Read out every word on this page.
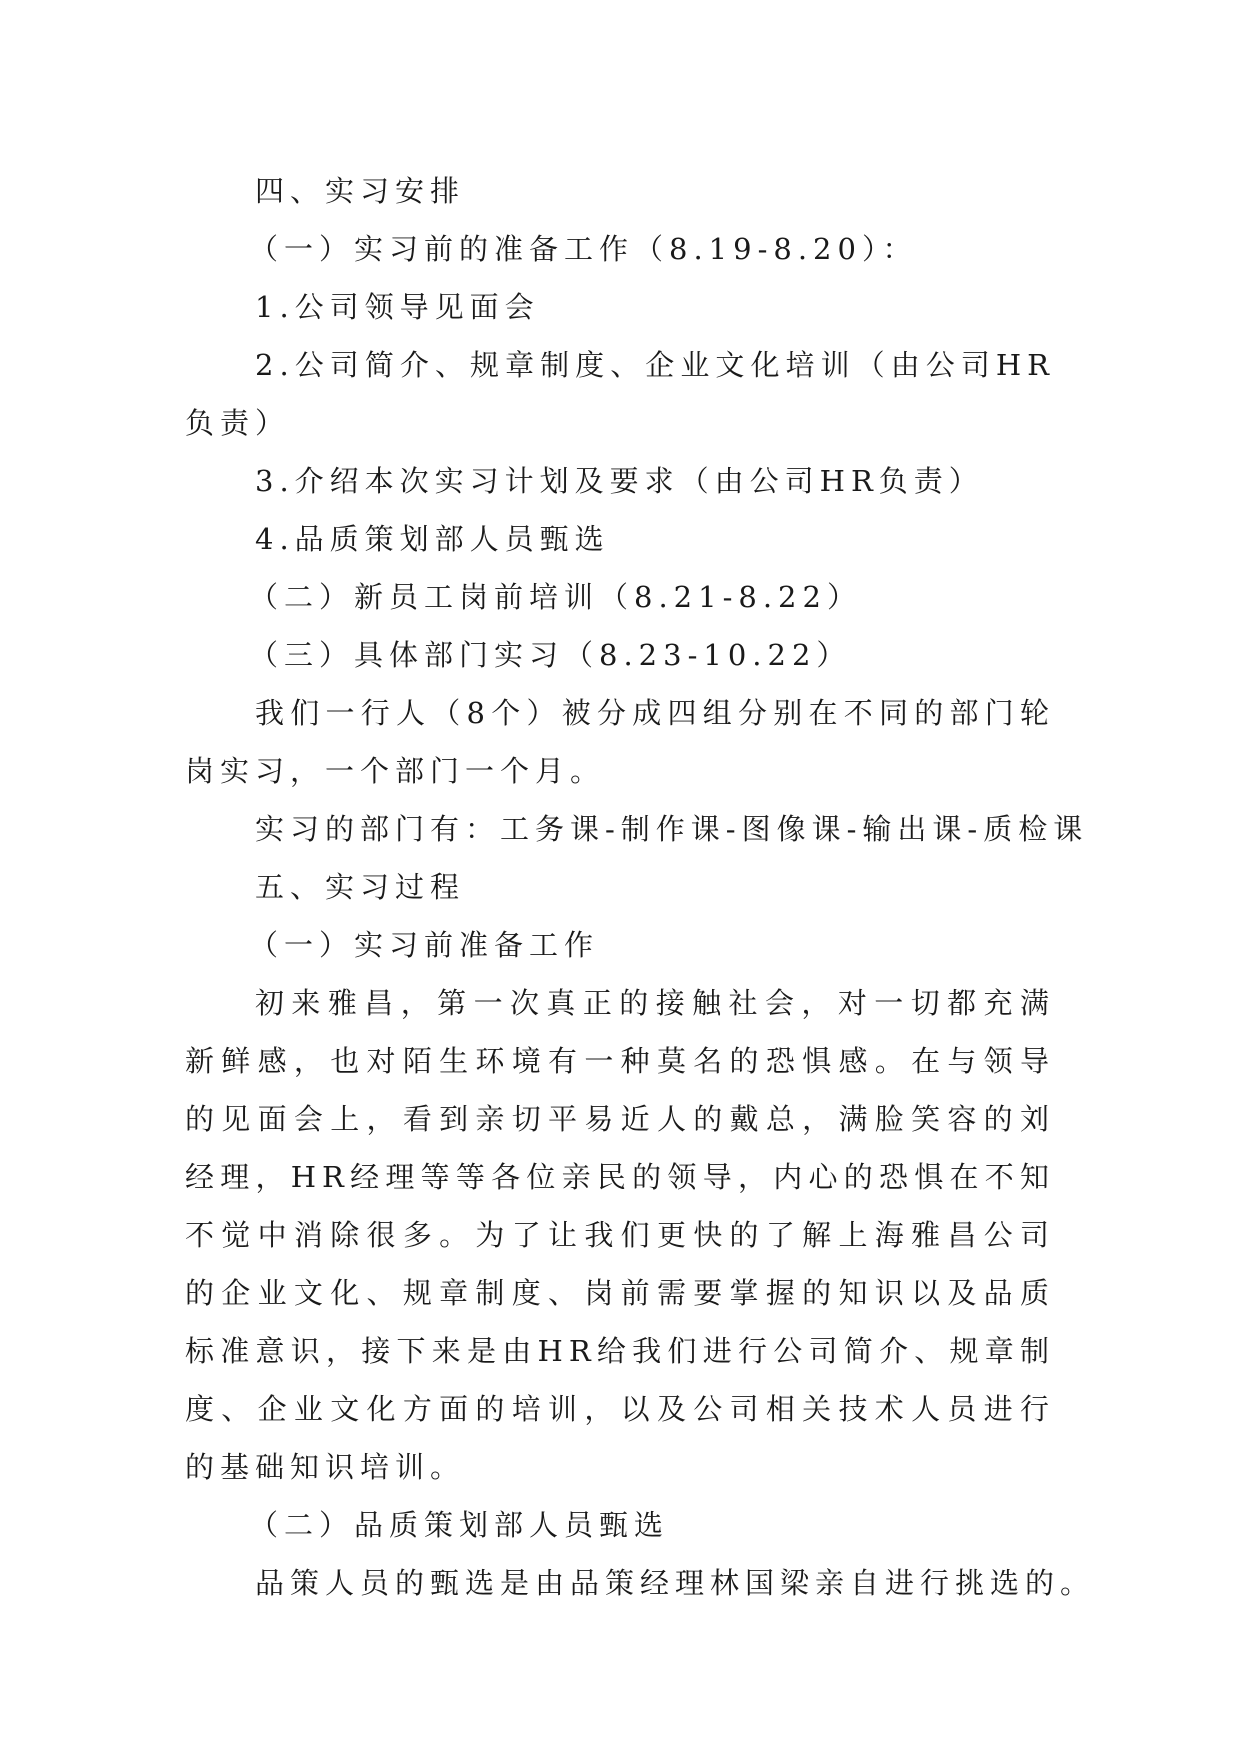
四、实习安排

（一）实习前的准备工作（8.19-8.20）：

1.公司领导见面会

2.公司简介、规章制度、企业文化培训（由公司HR负责）

3.介绍本次实习计划及要求（由公司HR负责）

4.品质策划部人员甄选

（二）新员工岗前培训（8.21-8.22）

（三）具体部门实习（8.23-10.22）

我们一行人（8个）被分成四组分别在不同的部门轮岗实习，一个部门一个月。

实习的部门有：工务课-制作课-图像课-输出课-质检课

五、实习过程

（一）实习前准备工作

初来雅昌，第一次真正的接触社会，对一切都充满新鲜感，也对陌生环境有一种莫名的恐惧感。在与领导的见面会上，看到亲切平易近人的戴总，满脸笑容的刘经理，HR经理等等各位亲民的领导，内心的恐惧在不知不觉中消除很多。为了让我们更快的了解上海雅昌公司的企业文化、规章制度、岗前需要掌握的知识以及品质标准意识，接下来是由HR给我们进行公司简介、规章制度、企业文化方面的培训，以及公司相关技术人员进行的基础知识培训。

（二）品质策划部人员甄选

品策人员的甄选是由品策经理林国梁亲自进行挑选的。
